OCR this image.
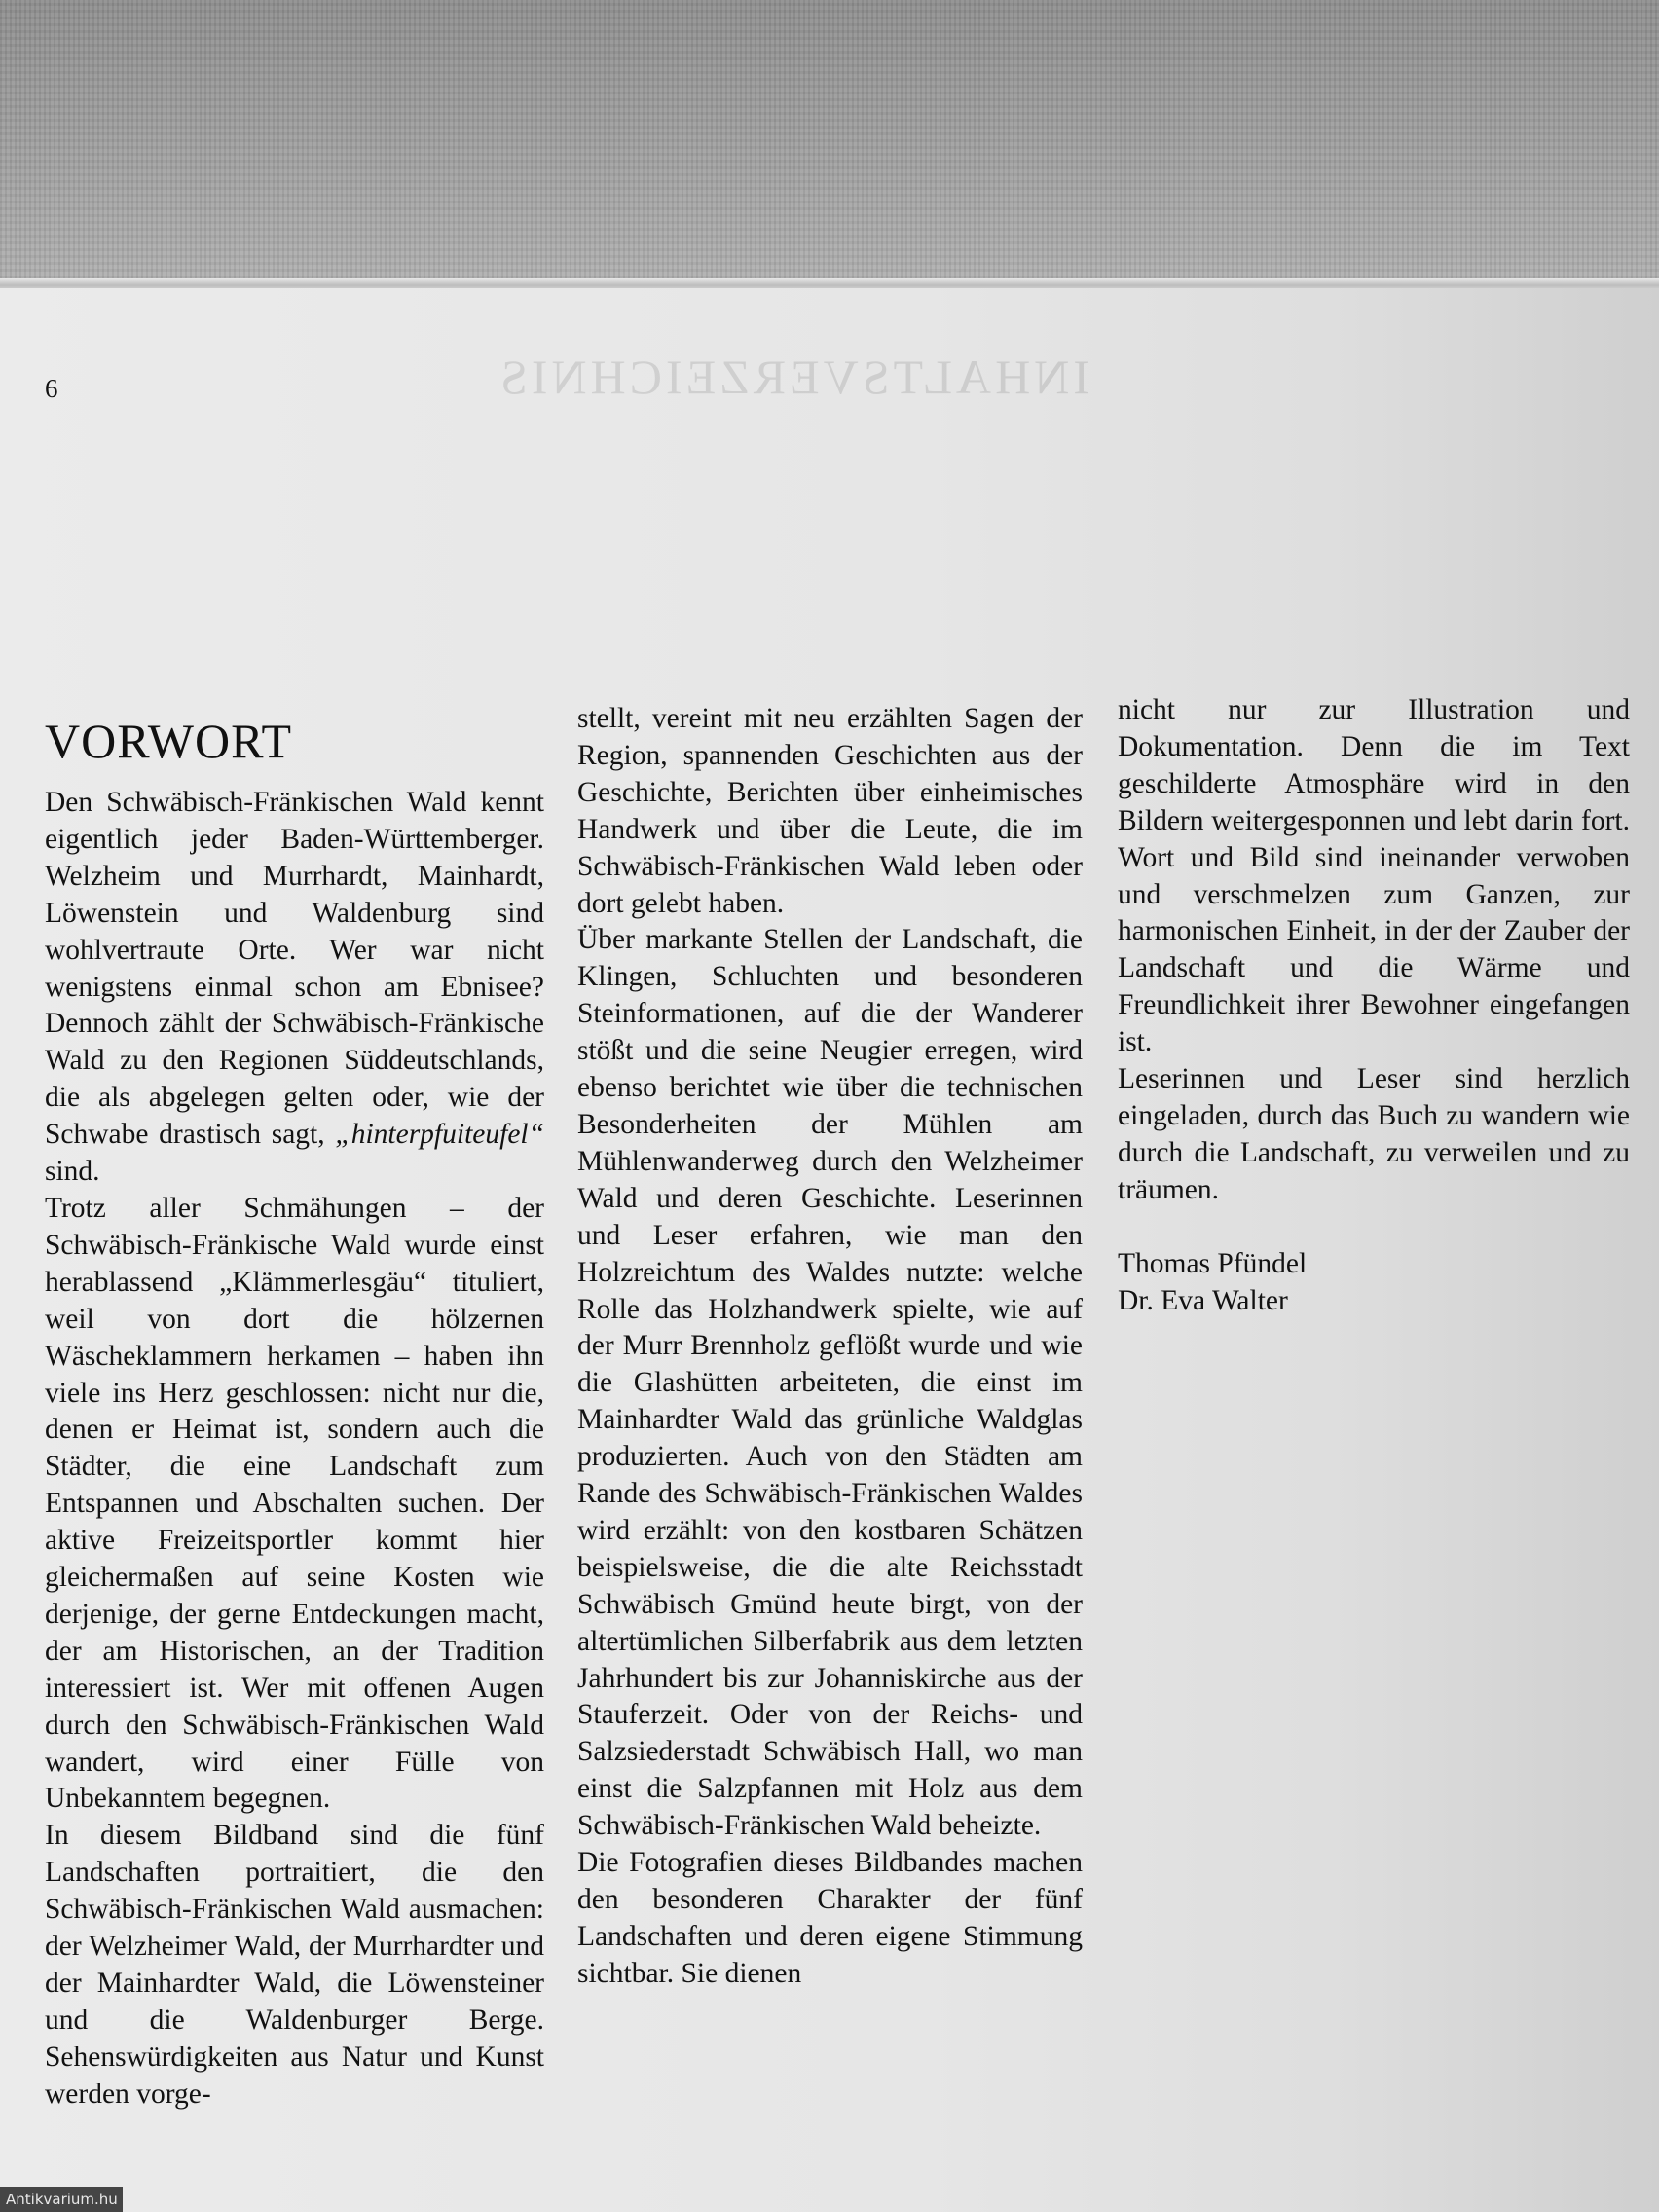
INHALTSVERZEICHNIS
6
VORWORT

Den Schwäbisch-Fränkischen Wald kennt eigentlich jeder Baden-Württemberger. Welzheim und Murrhardt, Mainhardt, Löwenstein und Waldenburg sind wohlvertraute Orte. Wer war nicht wenigstens einmal schon am Ebnisee? Dennoch zählt der Schwäbisch-Fränkische Wald zu den Regionen Süddeutschlands, die als abgelegen gelten oder, wie der Schwabe drastisch sagt, „hinterpfuiteufel“ sind.

Trotz aller Schmähungen – der Schwäbisch-Fränkische Wald wurde einst herablassend „Klämmerlesgäu“ tituliert, weil von dort die hölzernen Wäscheklammern herkamen – haben ihn viele ins Herz geschlossen: nicht nur die, denen er Heimat ist, sondern auch die Städter, die eine Landschaft zum Entspannen und Abschalten suchen. Der aktive Freizeitsportler kommt hier gleichermaßen auf seine Kosten wie derjenige, der gerne Entdeckungen macht, der am Historischen, an der Tradition interessiert ist. Wer mit offenen Augen durch den Schwäbisch-Fränkischen Wald wandert, wird einer Fülle von Unbekanntem begegnen.

In diesem Bildband sind die fünf Landschaften portraitiert, die den Schwäbisch-Fränkischen Wald ausmachen: der Welzheimer Wald, der Murrhardter und der Mainhardter Wald, die Löwensteiner und die Waldenburger Berge. Sehenswürdigkeiten aus Natur und Kunst werden vorge-

stellt, vereint mit neu erzählten Sagen der Region, spannenden Geschichten aus der Geschichte, Berichten über einheimisches Handwerk und über die Leute, die im Schwäbisch-Fränkischen Wald leben oder dort gelebt haben.

Über markante Stellen der Landschaft, die Klingen, Schluchten und besonderen Steinformationen, auf die der Wanderer stößt und die seine Neugier erregen, wird ebenso berichtet wie über die technischen Besonderheiten der Mühlen am Mühlenwanderweg durch den Welzheimer Wald und deren Geschichte. Leserinnen und Leser erfahren, wie man den Holzreichtum des Waldes nutzte: welche Rolle das Holzhandwerk spielte, wie auf der Murr Brennholz geflößt wurde und wie die Glashütten arbeiteten, die einst im Mainhardter Wald das grünliche Waldglas produzierten. Auch von den Städten am Rande des Schwäbisch-Fränkischen Waldes wird erzählt: von den kostbaren Schätzen beispielsweise, die die alte Reichsstadt Schwäbisch Gmünd heute birgt, von der altertümlichen Silberfabrik aus dem letzten Jahrhundert bis zur Johanniskirche aus der Stauferzeit. Oder von der Reichs- und Salzsiederstadt Schwäbisch Hall, wo man einst die Salzpfannen mit Holz aus dem Schwäbisch-Fränkischen Wald beheizte.

Die Fotografien dieses Bildbandes machen den besonderen Charakter der fünf Landschaften und deren eigene Stimmung sichtbar. Sie dienen

nicht nur zur Illustration und Dokumentation. Denn die im Text geschilderte Atmosphäre wird in den Bildern weitergesponnen und lebt darin fort. Wort und Bild sind ineinander verwoben und verschmelzen zum Ganzen, zur harmonischen Einheit, in der der Zauber der Landschaft und die Wärme und Freundlichkeit ihrer Bewohner eingefangen ist.

Leserinnen und Leser sind herzlich eingeladen, durch das Buch zu wandern wie durch die Landschaft, zu verweilen und zu träumen.

Thomas Pfündel

Dr. Eva Walter

Antikvarium.hu
